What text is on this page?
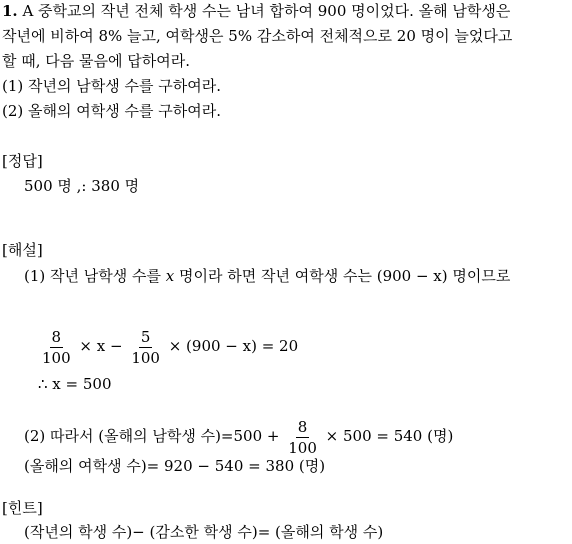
1. A 중학교의 작년 전체 학생 수는 남녀 합하여 900 명이었다. 올해 남학생은
작년에 비하여 8% 늘고, 여학생은 5% 감소하여 전체적으로 20 명이 늘었다고
할 때, 다음 물음에 답하여라.
(1) 작년의 남학생 수를 구하여라.
(2) 올해의 여학생 수를 구하여라.
[정답]
500 명 ,: 380 명
[해설]
(1) 작년 남학생 수를 x 명이라 하면 작년 여학생 수는 (900 − x) 명이므로
$\frac{8}{100} \times x - \frac{5}{100} \times (900 - x) = 20$
∴ x = 500
(2) 따라서 (올해의 남학생 수)$=500 + \frac{8}{100} \times 500 = 540$ (명)
(올해의 여학생 수)= 920 − 540 = 380 (명)
[힌트]
(작년의 학생 수)− (감소한 학생 수)= (올해의 학생 수)
